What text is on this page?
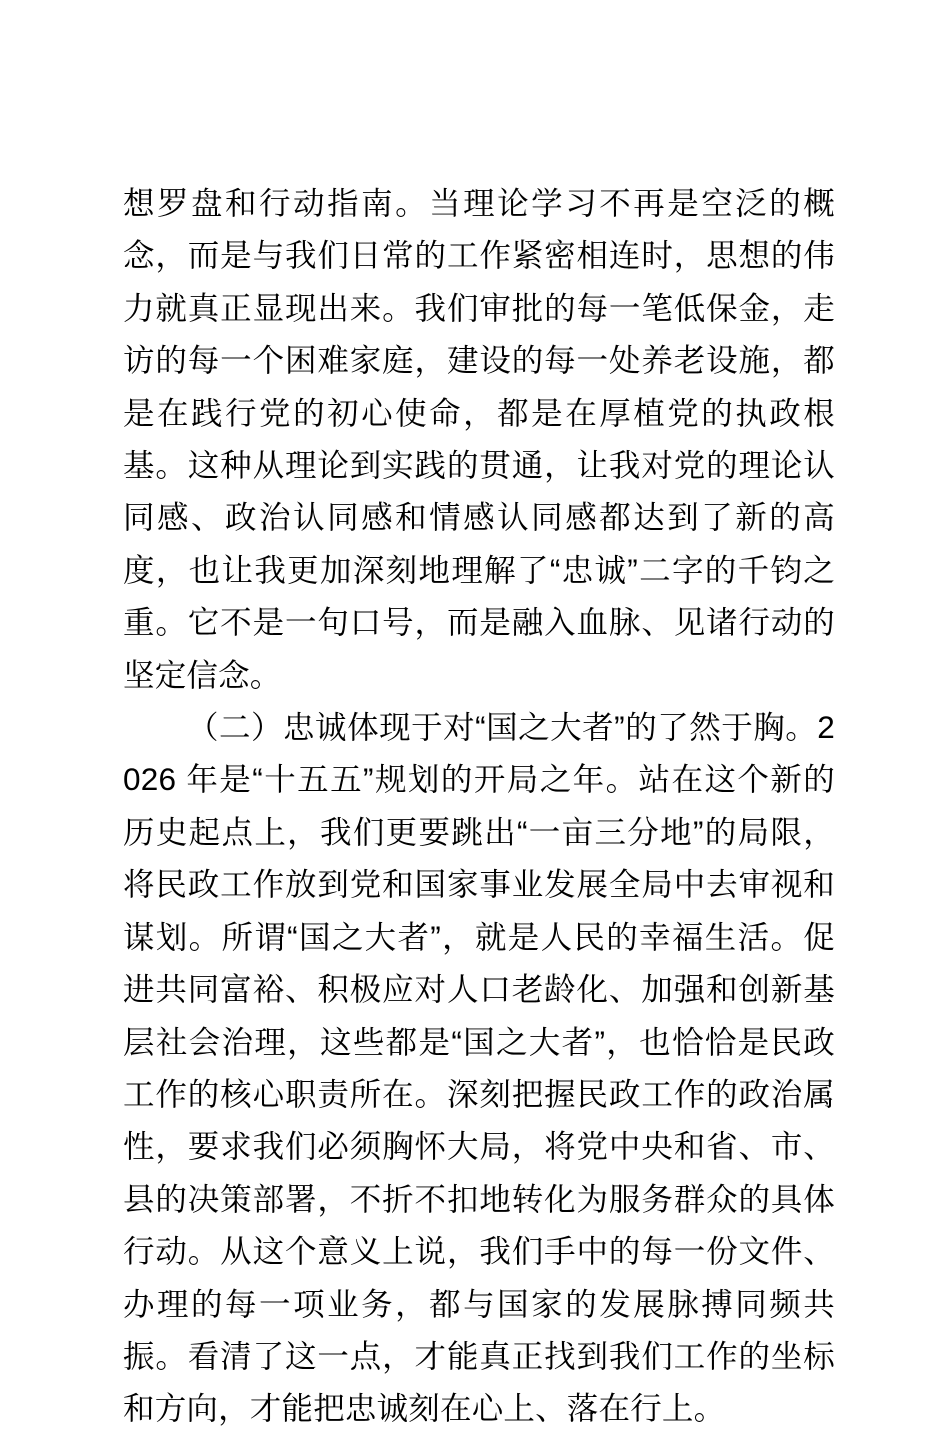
想罗盘和行动指南。当理论学习不再是空泛的概念，而是与我们日常的工作紧密相连时，思想的伟力就真正显现出来。我们审批的每一笔低保金，走访的每一个困难家庭，建设的每一处养老设施，都是在践行党的初心使命，都是在厚植党的执政根基。这种从理论到实践的贯通，让我对党的理论认同感、政治认同感和情感认同感都达到了新的高度，也让我更加深刻地理解了“忠诚”二字的千钧之重。它不是一句口号，而是融入血脉、见诸行动的坚定信念。

（二）忠诚体现于对“国之大者”的了然于胸。2026 年是“十五五”规划的开局之年。站在这个新的历史起点上，我们更要跳出“一亩三分地”的局限，将民政工作放到党和国家事业发展全局中去审视和谋划。所谓“国之大者”，就是人民的幸福生活。促进共同富裕、积极应对人口老龄化、加强和创新基层社会治理，这些都是“国之大者”，也恰恰是民政工作的核心职责所在。深刻把握民政工作的政治属性，要求我们必须胸怀大局，将党中央和省、市、县的决策部署，不折不扣地转化为服务群众的具体行动。从这个意义上说，我们手中的每一份文件、办理的每一项业务，都与国家的发展脉搏同频共振。看清了这一点，才能真正找到我们工作的坐标和方向，才能把忠诚刻在心上、落在行上。
